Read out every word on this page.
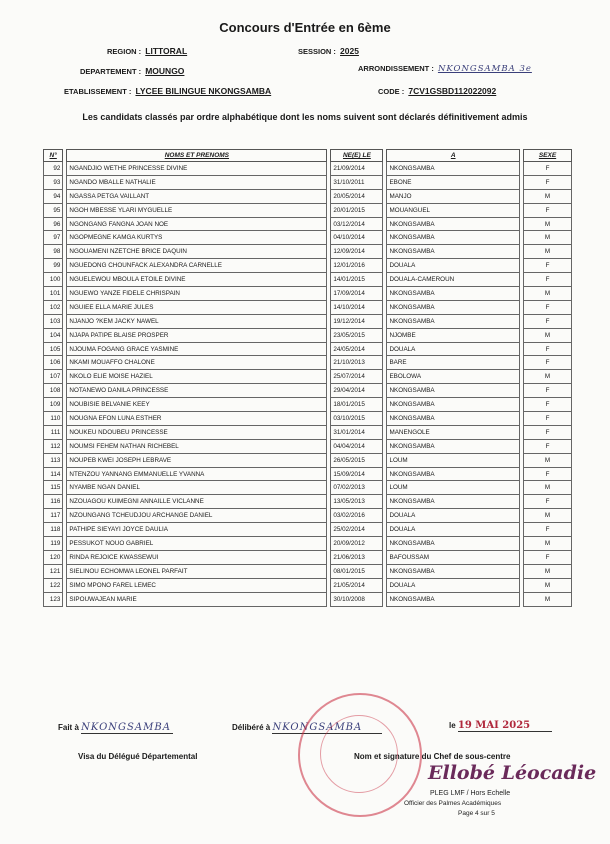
Concours d'Entrée en 6ème
REGION : LITTORAL	SESSION : 2025
DEPARTEMENT : MOUNGO	ARRONDISSEMENT : NKONGSAMBA 3e
ETABLISSEMENT : LYCEE BILINGUE NKONGSAMBA	CODE : 7CV1GSBD112022092
Les candidats classés par ordre alphabétique dont les noms suivent sont déclarés définitivement admis
N°		NOMS ET PRENOMS		NE(E) LE		A		SEXE
92		NGANDJIO WETHE PRINCESSE DIVINE		21/09/2014		NKONGSAMBA		F
93		NGANDO MBALLE NATHALIE		31/10/2011		EBONE		F
94		NGASSA PETGA VAILLANT		20/05/2014		MANJO		M
95		NGOH MBESSE YLARI MYGUELLE		20/01/2015		MOUANGUEL		F
96		NGONGANG FANGNA JOAN NOE		03/12/2014		NKONGSAMBA		M
97		NGOPMEGNE KAMGA KURTYS		04/10/2014		NKONGSAMBA		M
98		NGOUAMENI NZETCHE BRICE DAQUIN		12/09/2014		NKONGSAMBA		M
99		NGUEDONG CHOUNFACK ALEXANDRA CARNELLE		12/01/2016		DOUALA		F
100		NGUELEWOU MBOULA ETOILE DIVINE		14/01/2015		DOUALA-CAMEROUN		F
101		NGUEWO YANZE FIDELE CHRISPAIN		17/09/2014		NKONGSAMBA		M
102		NGUIEE ELLA MARIE JULES		14/10/2014		NKONGSAMBA		F
103		NJANJO ?KEM JACKY NAWEL		19/12/2014		NKONGSAMBA		F
104		NJAPA PATIPE BLAISE PROSPER		23/05/2015		NJOMBE		M
105		NJOUMA FOGANG GRACE YASMINE		24/05/2014		DOUALA		F
106		NKAMI MOUAFFO CHALONE		21/10/2013		BARE		F
107		NKOLO ELIE MOISE HAZIEL		25/07/2014		EBOLOWA		M
108		NOTANEWO DANILA PRINCESSE		29/04/2014		NKONGSAMBA		F
109		NOUBISIE BELVANIE KEEY		18/01/2015		NKONGSAMBA		F
110		NOUGNA EFON LUNA ESTHER		03/10/2015		NKONGSAMBA		F
111		NOUKEU NDOUBEU PRINCESSE		31/01/2014		MANENGOLE		F
112		NOUMSI FEHEM NATHAN RICHEBEL		04/04/2014		NKONGSAMBA		F
113		NOUPEB KWEI JOSEPH LEBRAVE		26/05/2015		LOUM		M
114		NTENZOU YANNANG EMMANUELLE YVANNA		15/09/2014		NKONGSAMBA		F
115		NYAMBE NGAN DANIEL		07/02/2013		LOUM		M
116		NZOUAGOU KUIMEGNI ANNAILLE VICLANNE		13/05/2013		NKONGSAMBA		F
117		NZOUNGANG TCHEUDJOU ARCHANGE DANIEL		03/02/2016		DOUALA		M
118		PATHIPE SIEYAYI JOYCE DAULIA		25/02/2014		DOUALA		F
119		PESSUKOT NOUO GABRIEL		20/09/2012		NKONGSAMBA		M
120		RINDA REJOICE KWASSEWUI		21/06/2013		BAFOUSSAM		F
121		SIELINOU ECHOMWA LEONEL PARFAIT		08/01/2015		NKONGSAMBA		M
122		SIMO MPONO FAREL LEMEC		21/05/2014		DOUALA		M
123		SIPOUWAJEAN MARIE		30/10/2008		NKONGSAMBA		M
Fait à NKONGSAMBA	Délibéré à NKONGSAMBA	le 19 MAI 2025
Visa du Délégué Départemental	Nom et signature du Chef de sous-centre
Ellobé Léocadie
PLEG LMF / Hors Echelle
Officier des Palmes Académiques
Page 4 sur 5
